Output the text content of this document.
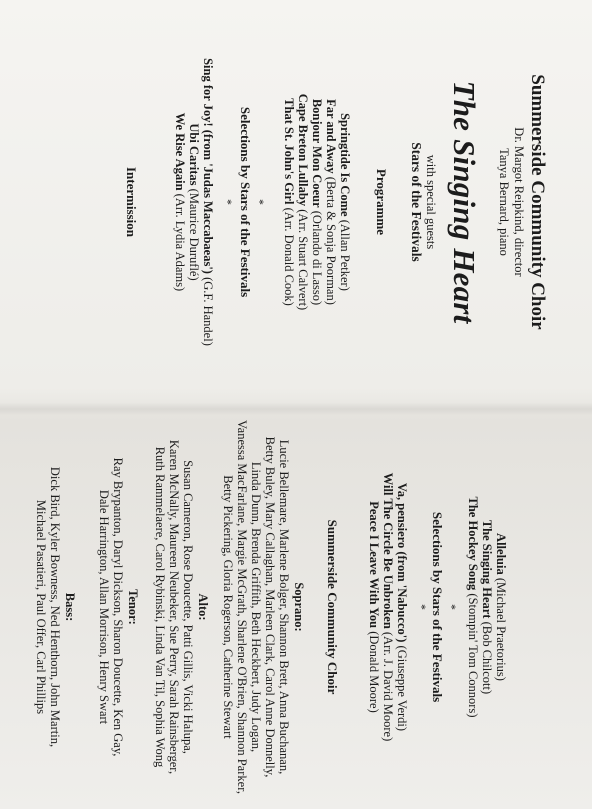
Summerside Community Choir
Dr. Margot Reipkind, director
Tanya Bernard, piano
The Singing Heart
with special guests
Stars of the Festivals
Programme
Springtide Is Come (Allan Petker)
Far and Away (Berta & Sonja Poorman)
Bonjour Mon Coeur (Orlando di Lasso)
Cape Breton Lullaby (Arr. Stuart Calvert)
That St. John's Girl (Arr. Donald Cook)
*
Selections by Stars of the Festivals
*
Sing for Joy! (from 'Judas Maccabaeas') (G.F. Handel)
Ubi Caritas (Maurice Duruflé)
We Rise Again (Arr. Lydia Adams)
Intermission
Alleluia (Michael Praetorius)
The Singing Heart (Bob Chilcott)
The Hockey Song (Stompin' Tom Connors)
*
Selections by Stars of the Festivals
*
Va, pensiero (from 'Nabucco') (Giuseppe Verdi)
Will The Circle Be Unbroken (Arr. J. David Moore)
Peace I Leave With You (Donald Moore)
Summerside Community Choir
Soprano:
Lucie Bellemare, Marlene Bolger, Shannon Brett, Anna Buchanan,
Betty Buley, Mary Callaghan, Marleen Clark, Carol Anne Donnelly,
Linda Dunn, Brenda Griffith, Beth Heckbert, Judy Logan,
Vanessa MacFarlane, Margie McGrath, Sharlene O'Brien, Shannon Parker,
Betty Pickering, Gloria Rogerson, Catherine Stewart
Alto:
Susan Cameron, Rose Doucette, Patti Gillis, Vicki Halupa,
Karen McNally, Maureen Neubeker, Sue Perry, Sarah Rainsberger,
Ruth Rammelaere, Carol Rybinski, Linda Van Til, Sophia Wong
Tenor:
Ray Brypanton, Daryl Dickson, Sharon Doucette, Ken Gay,
Dale Harrington, Allan Morrison, Henry Swart
Bass:
Dick Bird, Kyler Bowness, Ned Henthorn, John Martin,
Michael Pasatieri, Paul Offer, Carl Phillips
